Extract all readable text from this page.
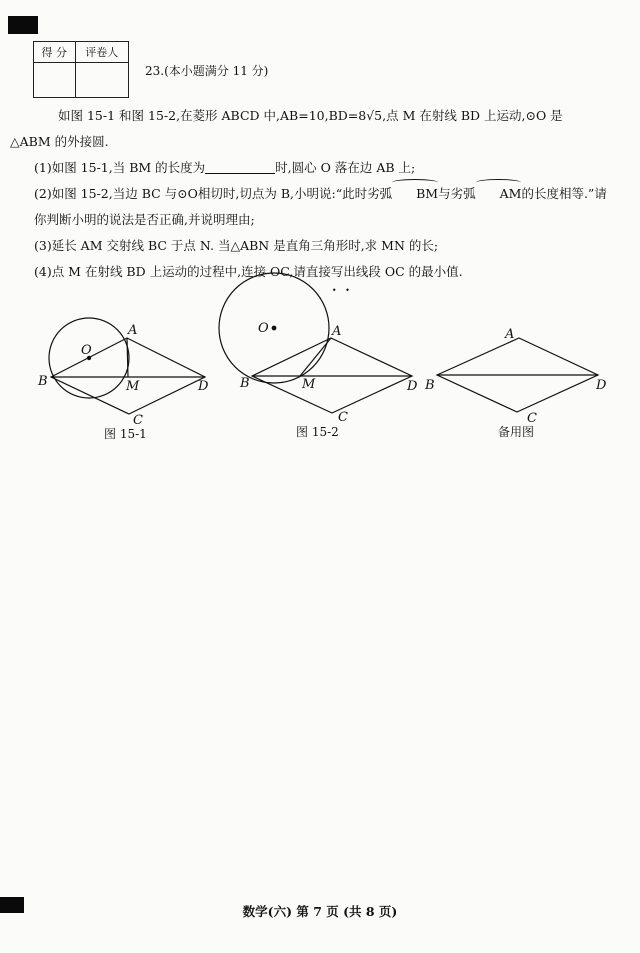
得 分	评卷人

23.(本小题满分 11 分)
如图 15-1 和图 15-2,在菱形 ABCD 中,AB=10,BD=8√5,点 M 在射线 BD 上运动,⊙O 是
△ABM 的外接圆.
(1)如图 15-1,当 BM 的长度为	时,圆心 O 落在边 AB 上;
(2)如图 15-2,当边 BC 与⊙O相切时,切点为 B,小明说:“此时劣弧 BM与劣弧 AM的长度相等.”请
你判断小明的说法是否正确,并说明理由;
(3)延长 AM 交射线 BC 于点 N. 当△ABN 是直角三角形时,求 MN 的长;
(4)点 M 在射线 BD 上运动的过程中,连接 OC,请直接 • •写出线段 OC 的最小值.
O
A
B	M	D
C
图 15-1
O	A
B	M	D
C
图 15-2
A
B	D
C
备用图
数学(六) 第 7 页 (共 8 页)
